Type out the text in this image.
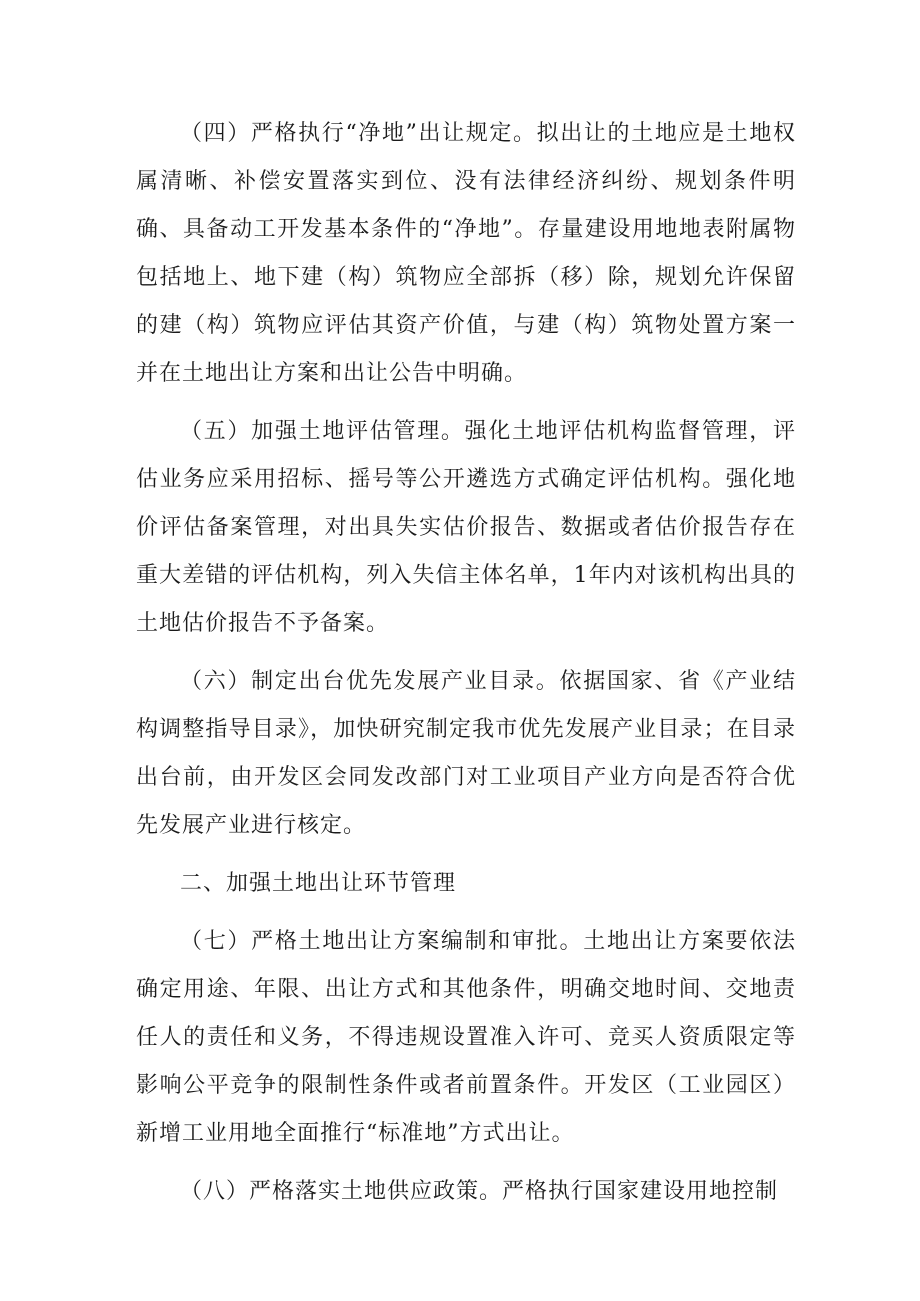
（四）严格执行“净地”出让规定。拟出让的土地应是土地权属清晰、补偿安置落实到位、没有法律经济纠纷、规划条件明确、具备动工开发基本条件的“净地”。存量建设用地地表附属物包括地上、地下建（构）筑物应全部拆（移）除，规划允许保留的建（构）筑物应评估其资产价值，与建（构）筑物处置方案一并在土地出让方案和出让公告中明确。

（五）加强土地评估管理。强化土地评估机构监督管理，评估业务应采用招标、摇号等公开遴选方式确定评估机构。强化地价评估备案管理，对出具失实估价报告、数据或者估价报告存在重大差错的评估机构，列入失信主体名单，1年内对该机构出具的土地估价报告不予备案。

（六）制定出台优先发展产业目录。依据国家、省《产业结构调整指导目录》，加快研究制定我市优先发展产业目录；在目录出台前，由开发区会同发改部门对工业项目产业方向是否符合优先发展产业进行核定。

二、加强土地出让环节管理

（七）严格土地出让方案编制和审批。土地出让方案要依法确定用途、年限、出让方式和其他条件，明确交地时间、交地责任人的责任和义务，不得违规设置准入许可、竞买人资质限定等影响公平竞争的限制性条件或者前置条件。开发区（工业园区）新增工业用地全面推行“标准地”方式出让。

（八）严格落实土地供应政策。严格执行国家建设用地控制
